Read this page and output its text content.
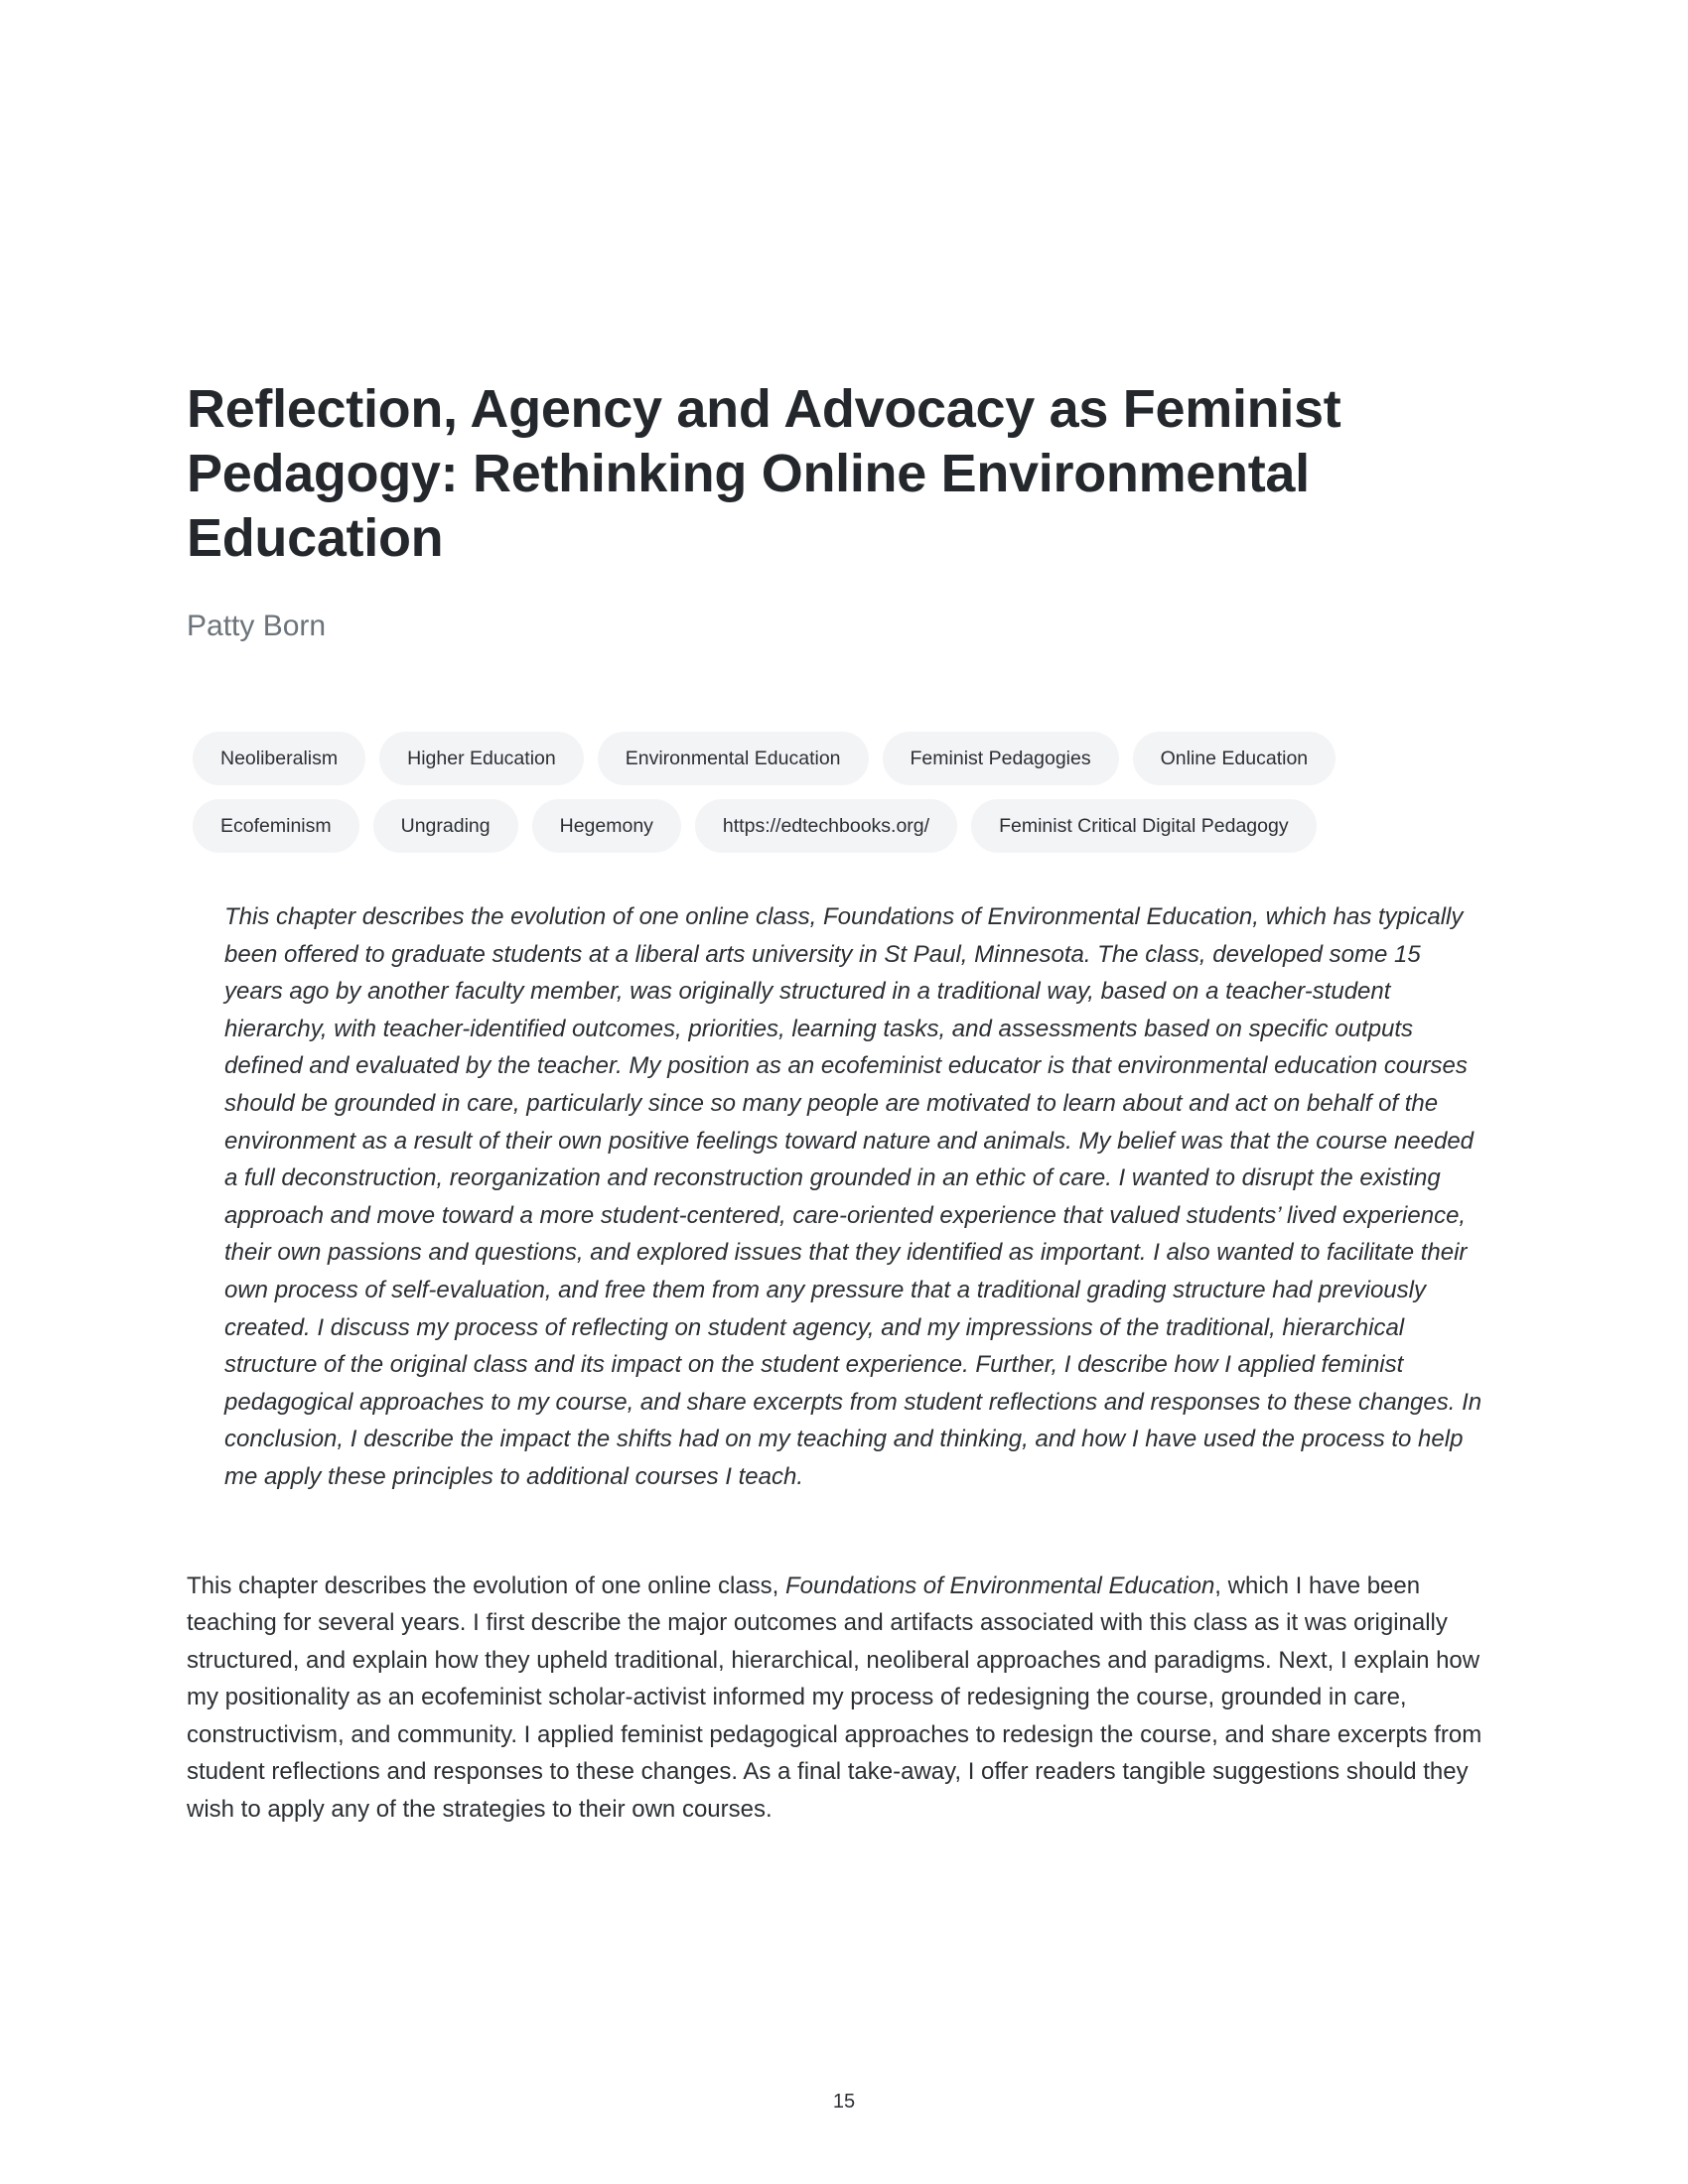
Reflection, Agency and Advocacy as Feminist Pedagogy: Rethinking Online Environmental Education
Patty Born
Neoliberalism	Higher Education	Environmental Education	Feminist Pedagogies	Online Education
Ecofeminism	Ungrading	Hegemony	https://edtechbooks.org/	Feminist Critical Digital Pedagogy

This chapter describes the evolution of one online class, Foundations of Environmental Education, which has typically been offered to graduate students at a liberal arts university in St Paul, Minnesota. The class, developed some 15 years ago by another faculty member, was originally structured in a traditional way, based on a teacher-student hierarchy, with teacher-identified outcomes, priorities, learning tasks, and assessments based on specific outputs defined and evaluated by the teacher. My position as an ecofeminist educator is that environmental education courses should be grounded in care, particularly since so many people are motivated to learn about and act on behalf of the environment as a result of their own positive feelings toward nature and animals. My belief was that the course needed a full deconstruction, reorganization and reconstruction grounded in an ethic of care. I wanted to disrupt the existing approach and move toward a more student-centered, care-oriented experience that valued students’ lived experience, their own passions and questions, and explored issues that they identified as important. I also wanted to facilitate their own process of self-evaluation, and free them from any pressure that a traditional grading structure had previously created. I discuss my process of reflecting on student agency, and my impressions of the traditional, hierarchical structure of the original class and its impact on the student experience. Further, I describe how I applied feminist pedagogical approaches to my course, and share excerpts from student reflections and responses to these changes. In conclusion, I describe the impact the shifts had on my teaching and thinking, and how I have used the process to help me apply these principles to additional courses I teach.

This chapter describes the evolution of one online class, Foundations of Environmental Education, which I have been teaching for several years. I first describe the major outcomes and artifacts associated with this class as it was originally structured, and explain how they upheld traditional, hierarchical, neoliberal approaches and paradigms. Next, I explain how my positionality as an ecofeminist scholar-activist informed my process of redesigning the course, grounded in care, constructivism, and community. I applied feminist pedagogical approaches to redesign the course, and share excerpts from student reflections and responses to these changes. As a final take-away, I offer readers tangible suggestions should they wish to apply any of the strategies to their own courses.

15
